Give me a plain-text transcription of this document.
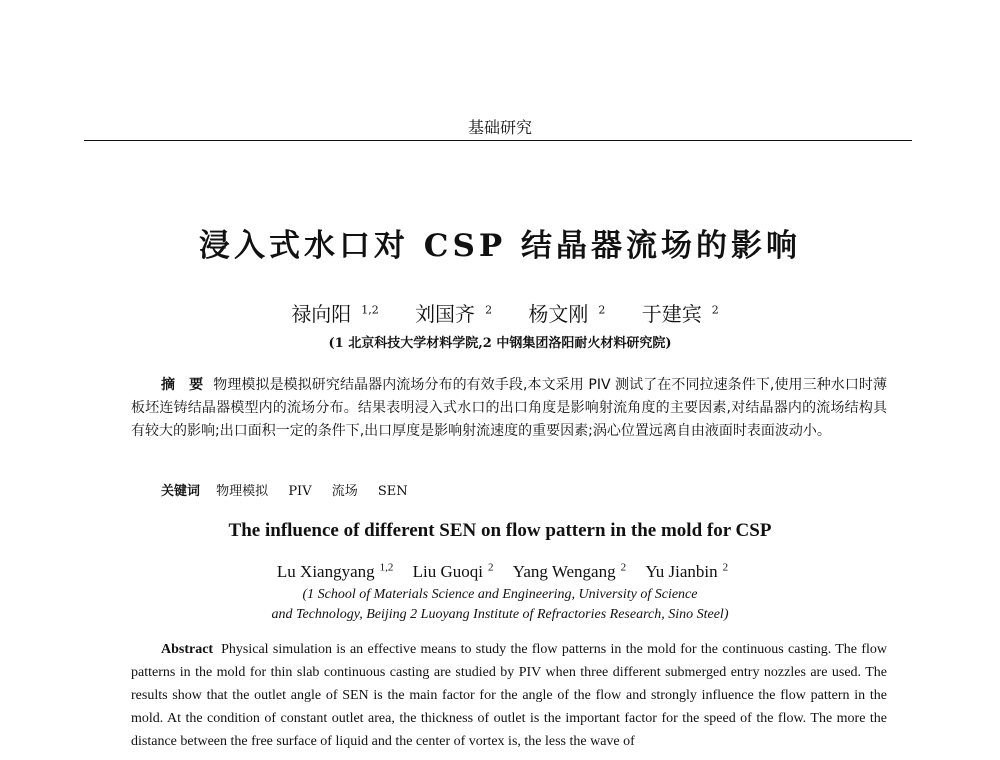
基础研究
浸入式水口对 CSP 结晶器流场的影响
禄向阳 $^{1,2}$ 刘国齐 $^2$ 杨文刚 $^2$ 于建宾 $^2$
(1 北京科技大学材料学院,2 中钢集团洛阳耐火材料研究院)
摘　要 物理模拟是模拟研究结晶器内流场分布的有效手段,本文采用 PIV 测试了在不同拉速条件下,使用三种水口时薄板坯连铸结晶器模型内的流场分布。结果表明浸入式水口的出口角度是影响射流角度的主要因素,对结晶器内的流场结构具有较大的影响;出口面积一定的条件下,出口厚度是影响射流速度的重要因素;涡心位置远离自由液面时表面波动小。
关键词 物理模拟 PIV 流场 SEN
The influence of different SEN on flow pattern in the mold for CSP
Lu Xiangyang $^{1,2}$ Liu Guoqi $^2$ Yang Wengang $^2$ Yu Jianbin $^2$
(1 School of Materials Science and Engineering, University of Science
and Technology, Beijing 2 Luoyang Institute of Refractories Research, Sino Steel)
Abstract Physical simulation is an effective means to study the flow patterns in the mold for the continuous casting. The flow patterns in the mold for thin slab continuous casting are studied by PIV when three different submerged entry nozzles are used. The results show that the outlet angle of SEN is the main factor for the angle of the flow and strongly influence the flow pattern in the mold. At the condition of constant outlet area, the thickness of outlet is the important factor for the speed of the flow. The more the distance between the free surface of liquid and the center of vortex is, the less the wave of
